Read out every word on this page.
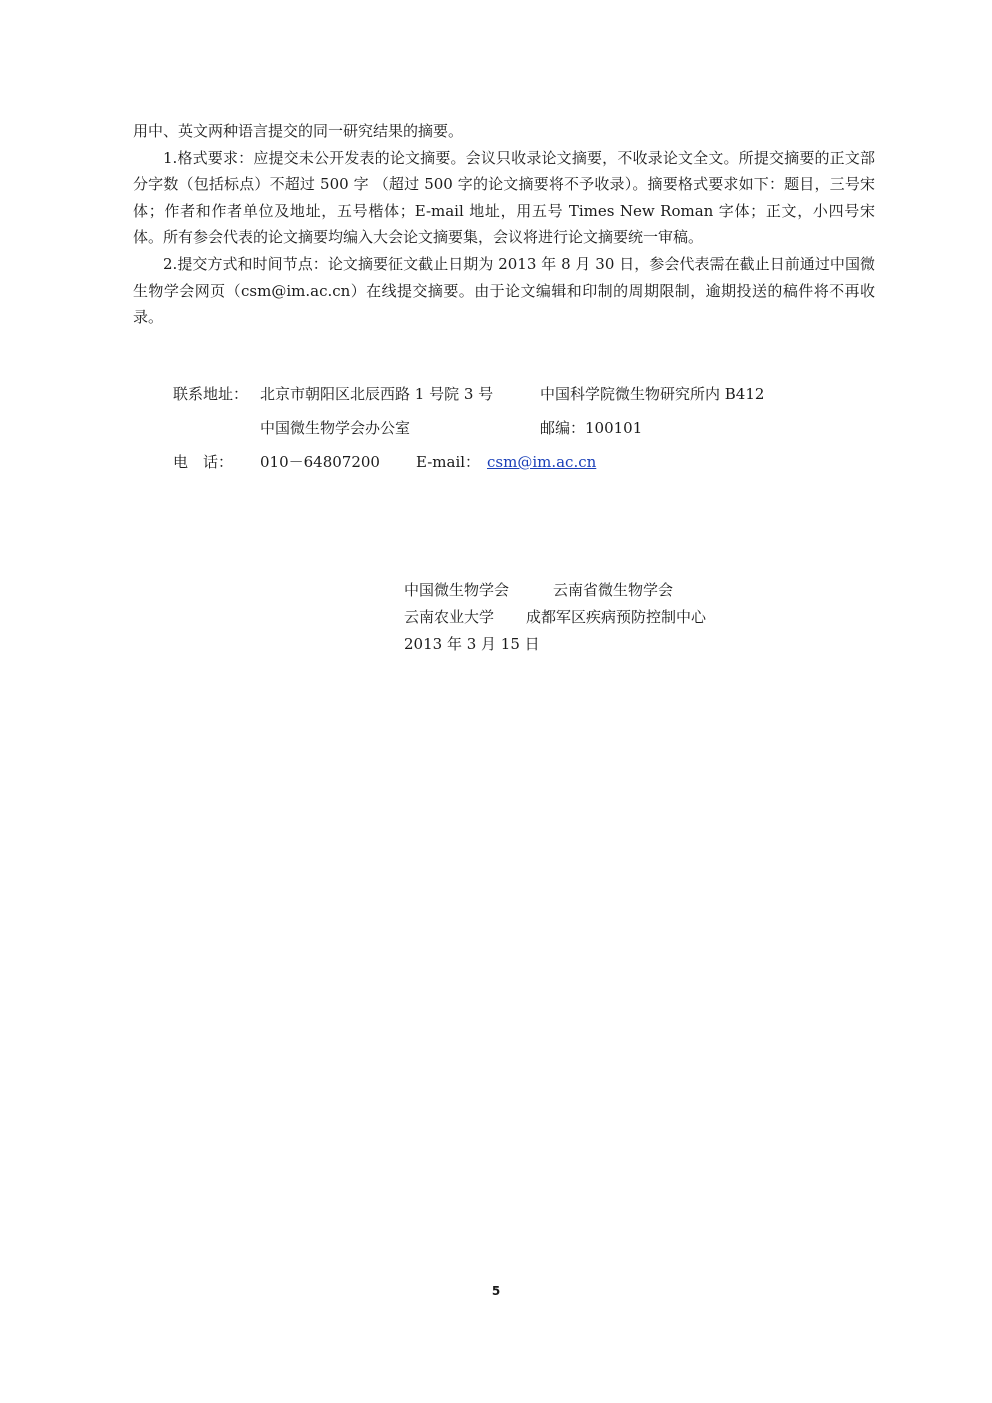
用中、英文两种语言提交的同一研究结果的摘要。

1.格式要求：应提交未公开发表的论文摘要。会议只收录论文摘要，不收录论文全文。所提交摘要的正文部分字数（包括标点）不超过 500 字 （超过 500 字的论文摘要将不予收录）。摘要格式要求如下：题目，三号宋体；作者和作者单位及地址，五号楷体；E-mail 地址，用五号 Times New Roman 字体；正文，小四号宋体。所有参会代表的论文摘要均编入大会论文摘要集，会议将进行论文摘要统一审稿。

2.提交方式和时间节点：论文摘要征文截止日期为 2013 年 8 月 30 日，参会代表需在截止日前通过中国微生物学会网页（csm@im.ac.cn）在线提交摘要。由于论文编辑和印制的周期限制，逾期投送的稿件将不再收录。

联系地址： 北京市朝阳区北辰西路 1 号院 3 号	中国科学院微生物研究所内 B412
中国微生物学会办公室	邮编：100101
电　话： 010－64807200 E-mail： csm@im.ac.cn
中国微生物学会	云南省微生物学会
云南农业大学 成都军区疾病预防控制中心
2013 年 3 月 15 日
5
